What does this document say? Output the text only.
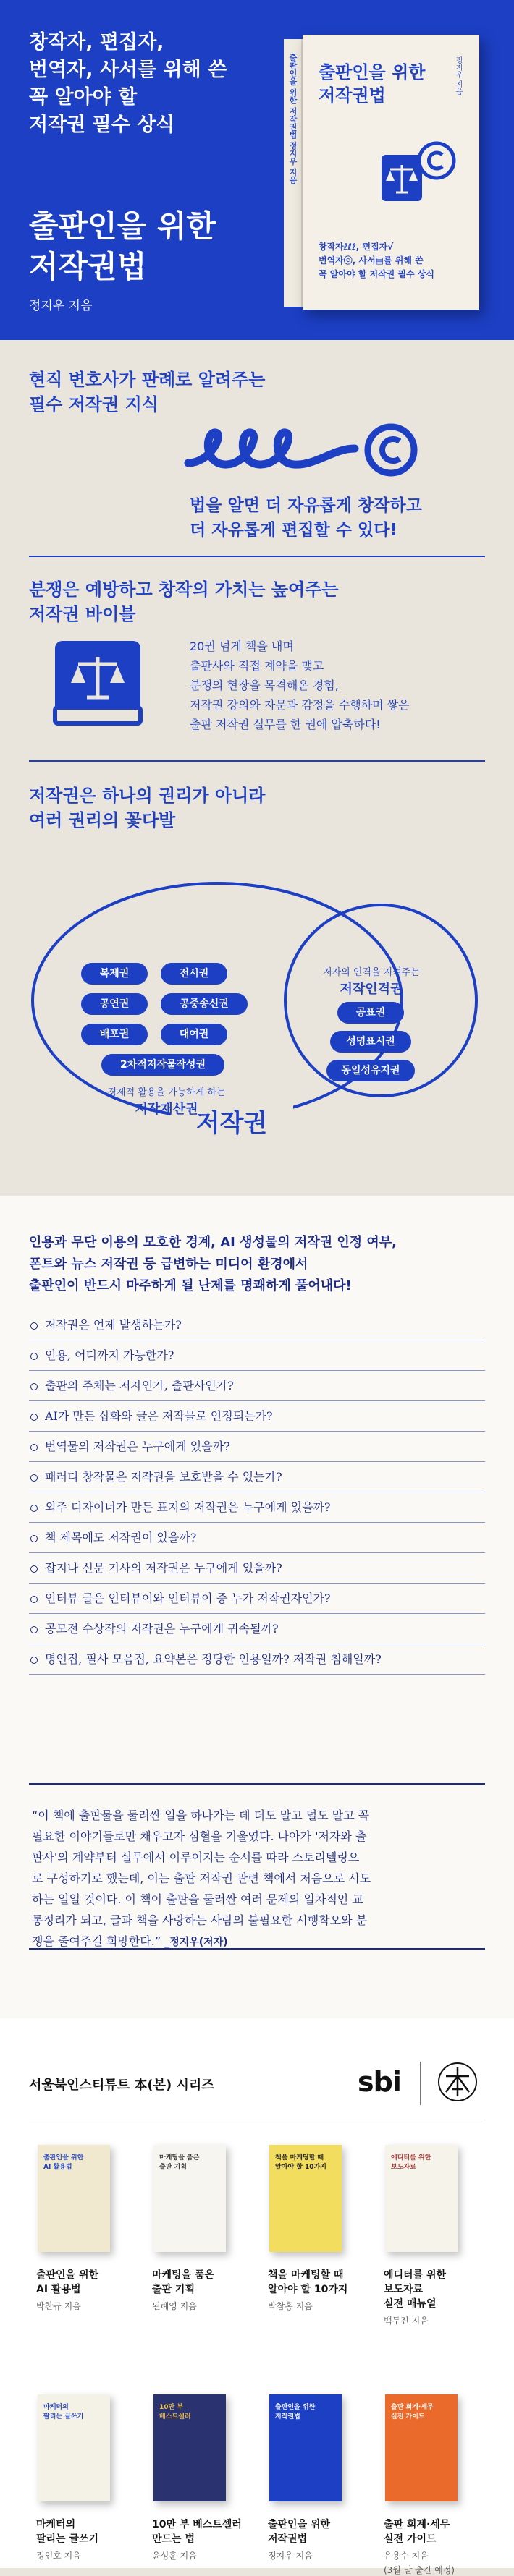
창작자, 편집자,
번역자, 사서를 위해 쓴
꼭 알아야 할
저작권 필수 상식
출판인을 위한
저작권법
정지우 지음
출판인을 위한 저작권법 정지우 지음 출판인을 위한
저작권법
정지우 지음
창작자ℓℓℓ, 편집자√
번역자ⓒ, 사서▤를 위해 쓴
꼭 알아야 할 저작권 필수 상식
현직 변호사가 판례로 알려주는
필수 저작권 지식
법을 알면 더 자유롭게 창작하고
더 자유롭게 편집할 수 있다!
분쟁은 예방하고 창작의 가치는 높여주는
저작권 바이블
20권 넘게 책을 내며
출판사와 직접 계약을 맺고
분쟁의 현장을 목격해온 경험,
저작권 강의와 자문과 감정을 수행하며 쌓은
출판 저작권 실무를 한 권에 압축하다!
저작권은 하나의 권리가 아니라
여러 권리의 꽃다발
복제권	전시권
공연권	공중송신권
배포권	대여권
2차적저작물작성권
경제적 활용을 가능하게 하는
저작재산권
저자의 인격을 지켜주는
저작인격권
공표권
성명표시권
동일성유지권
저작권
인용과 무단 이용의 모호한 경계, AI 생성물의 저작권 인정 여부,
폰트와 뉴스 저작권 등 급변하는 미디어 환경에서
출판인이 반드시 마주하게 될 난제를 명쾌하게 풀어내다!
저작권은 언제 발생하는가?
인용, 어디까지 가능한가?
출판의 주체는 저자인가, 출판사인가?
AI가 만든 삽화와 글은 저작물로 인정되는가?
번역물의 저작권은 누구에게 있을까?
패러디 창작물은 저작권을 보호받을 수 있는가?
외주 디자이너가 만든 표지의 저작권은 누구에게 있을까?
책 제목에도 저작권이 있을까?
잡지나 신문 기사의 저작권은 누구에게 있을까?
인터뷰 글은 인터뷰어와 인터뷰이 중 누가 저작권자인가?
공모전 수상작의 저작권은 누구에게 귀속될까?
명언집, 필사 모음집, 요약본은 정당한 인용일까? 저작권 침해일까?
“이 책에 출판물을 둘러싼 일을 하나가는 데 더도 말고 덜도 말고 꼭
필요한 이야기들로만 채우고자 심혈을 기울였다. 나아가 '저자와 출
판사'의 계약부터 실무에서 이루어지는 순서를 따라 스토리텔링으
로 구성하기로 했는데, 이는 출판 저작권 관련 책에서 처음으로 시도
하는 일일 것이다. 이 책이 출판을 둘러싼 여러 문제의 일차적인 교
통정리가 되고, 글과 책을 사랑하는 사람의 불필요한 시행착오와 분
쟁을 줄여주길 희망한다.” _정지우(저자)
서울북인스티튜트 本(본) 시리즈	sbi
출판인을 위한
AI 활용법
출판인을 위한
AI 활용법
박찬규 지음
마케팅을 품은
출판 기획
마케팅을 품은
출판 기획
된혜영 지음
책을 마케팅할 때
알아야 할 10가지
책을 마케팅할 때
알아야 할 10가지
박참홍 지음
에디터를 위한
보도자료
에디터를 위한
보도자료
실전 매뉴얼
백두진 지음
마케터의
팔리는 글쓰기
마케터의
팔리는 글쓰기
정인호 지음
10만 부
베스트셀러
10만 부 베스트셀러
만드는 법
윤성훈 지음
출판인을 위한
저작권법
출판인을 위한
저작권법
정지우 지음
출판 회계·세무
실전 가이드
출판 회계·세무
실전 가이드
유용수 지음
(3월 말 출간 예정)
